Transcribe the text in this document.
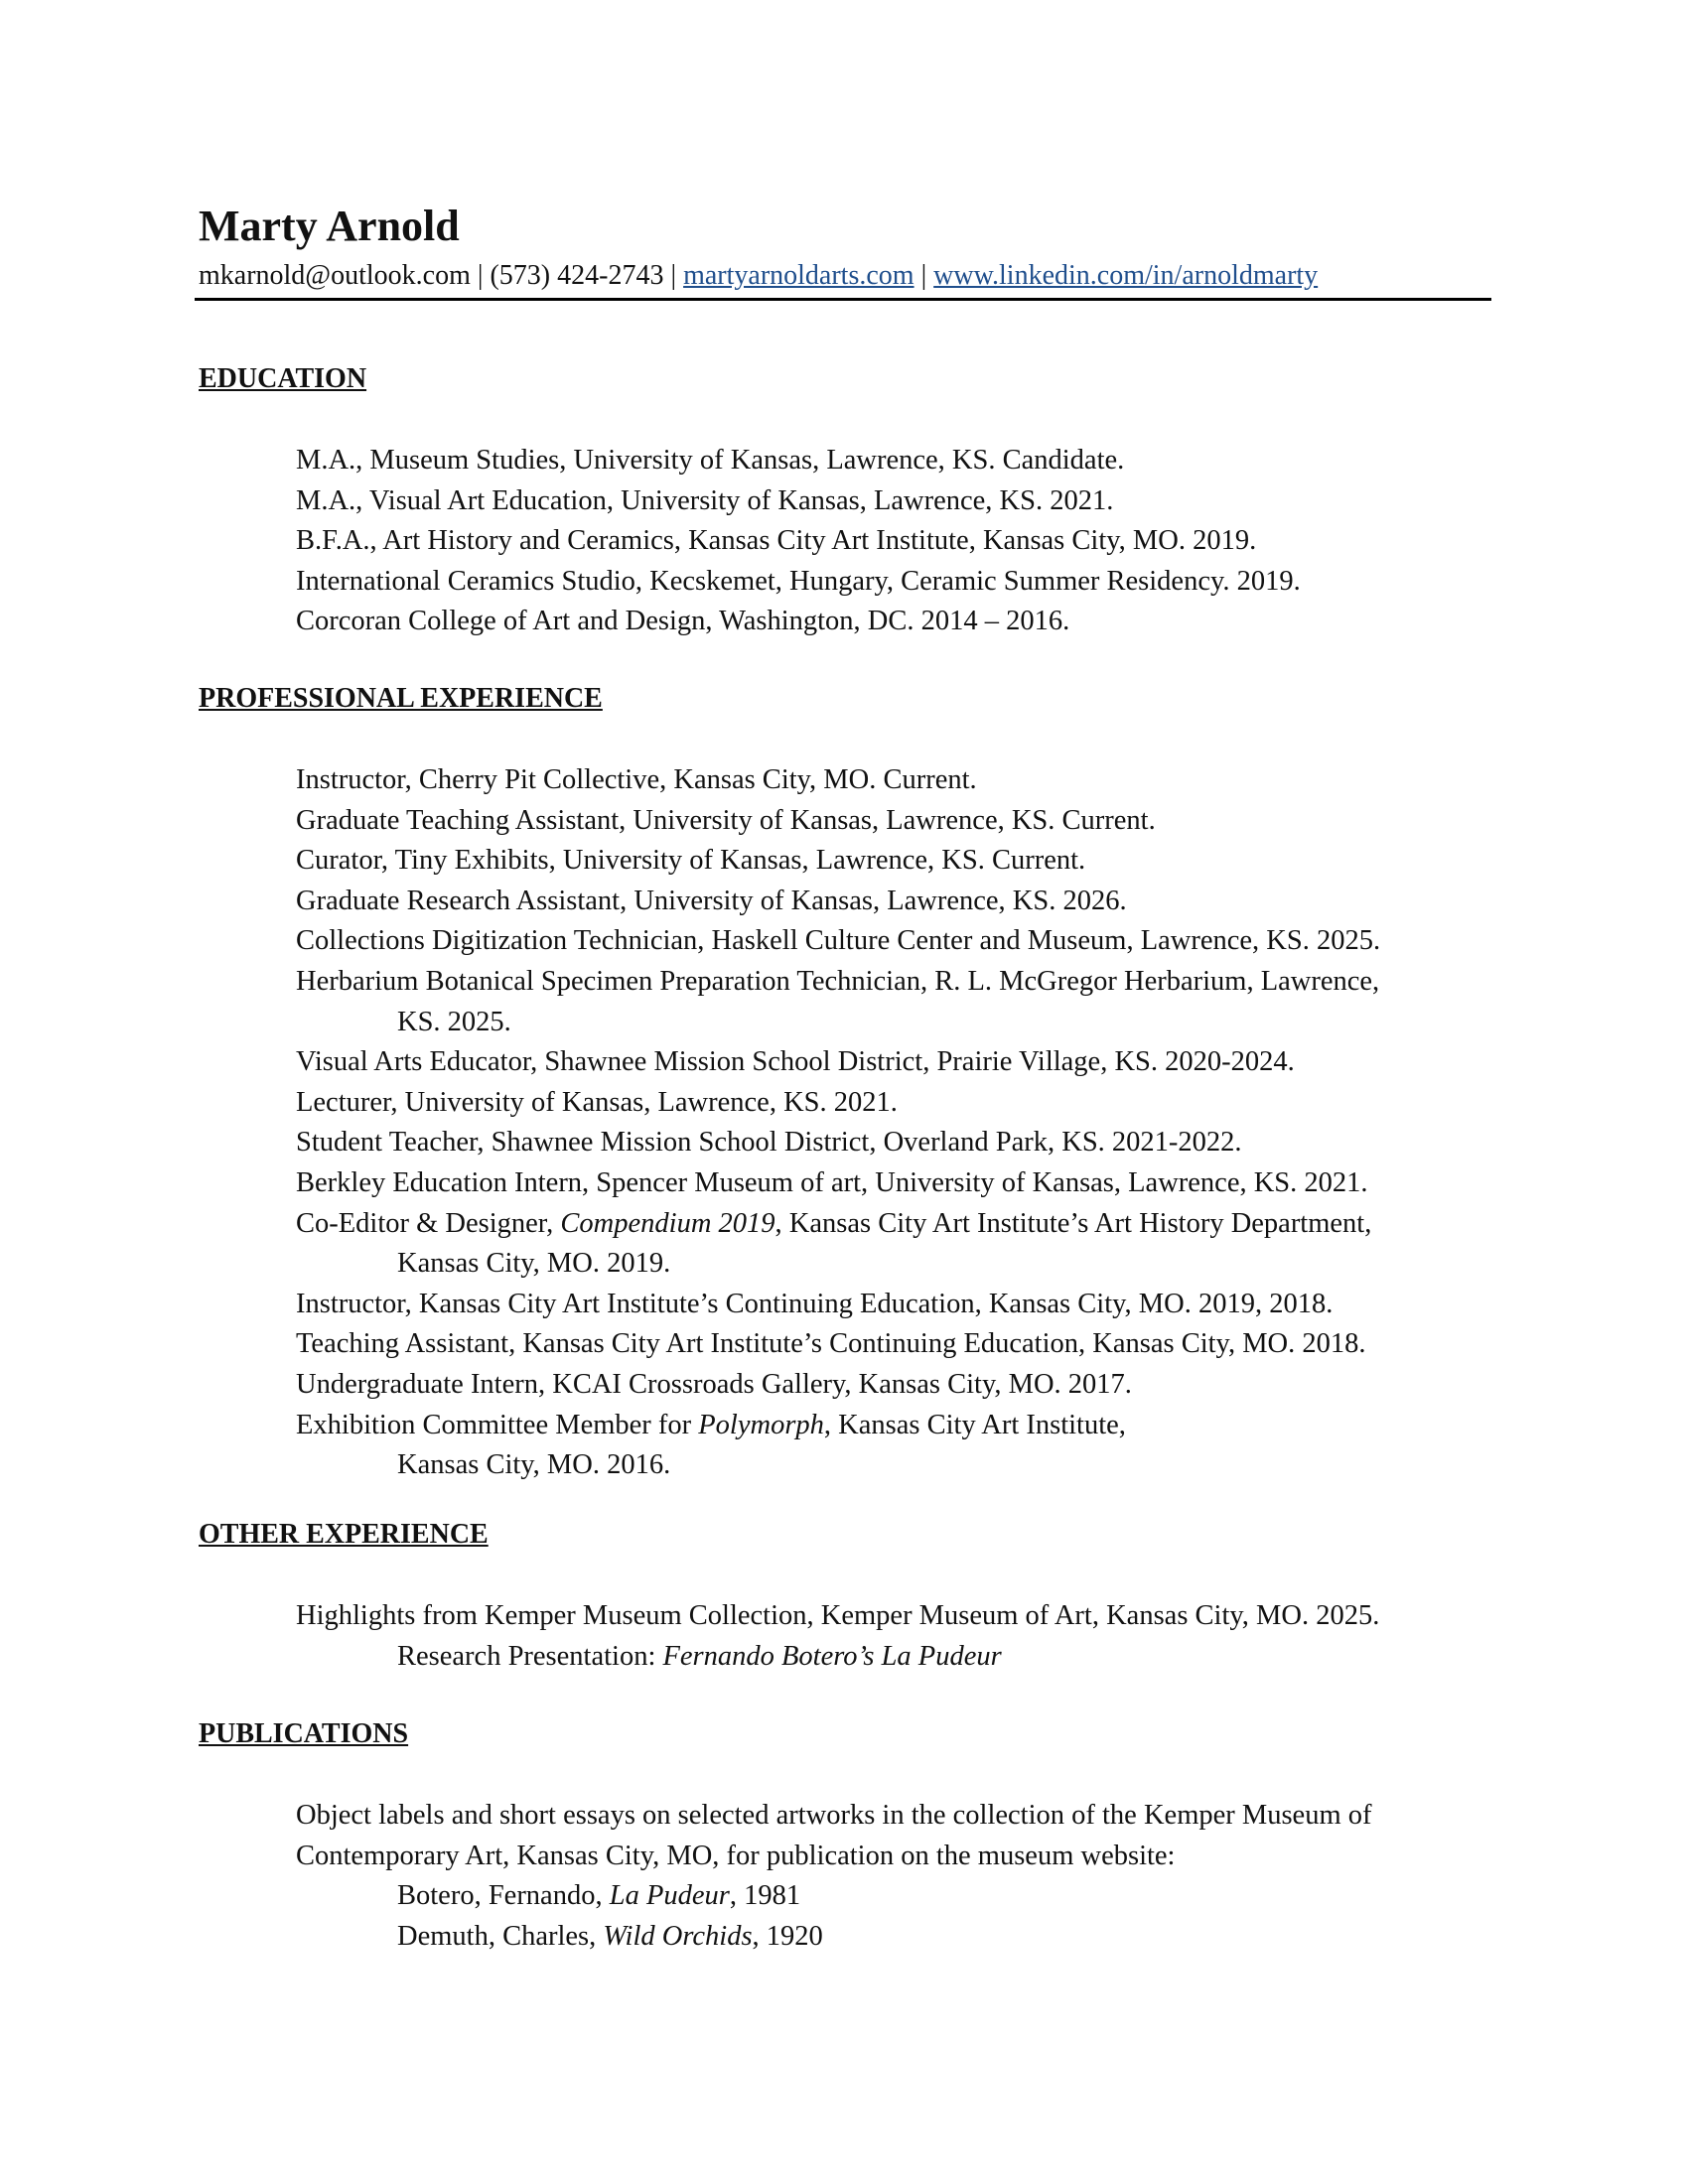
Marty Arnold
mkarnold@outlook.com | (573) 424-2743 | martyarnoldarts.com | www.linkedin.com/in/arnoldmarty
EDUCATION
M.A., Museum Studies, University of Kansas, Lawrence, KS. Candidate.
M.A., Visual Art Education, University of Kansas, Lawrence, KS. 2021.
B.F.A., Art History and Ceramics, Kansas City Art Institute, Kansas City, MO. 2019.
International Ceramics Studio, Kecskemet, Hungary, Ceramic Summer Residency. 2019.
Corcoran College of Art and Design, Washington, DC. 2014 – 2016.
PROFESSIONAL EXPERIENCE
Instructor, Cherry Pit Collective, Kansas City, MO. Current.
Graduate Teaching Assistant, University of Kansas, Lawrence, KS. Current.
Curator, Tiny Exhibits, University of Kansas, Lawrence, KS. Current.
Graduate Research Assistant, University of Kansas, Lawrence, KS. 2026.
Collections Digitization Technician, Haskell Culture Center and Museum, Lawrence, KS. 2025.
Herbarium Botanical Specimen Preparation Technician, R. L. McGregor Herbarium, Lawrence,
KS. 2025.
Visual Arts Educator, Shawnee Mission School District, Prairie Village, KS. 2020-2024.
Lecturer, University of Kansas, Lawrence, KS. 2021.
Student Teacher, Shawnee Mission School District, Overland Park, KS. 2021-2022.
Berkley Education Intern, Spencer Museum of art, University of Kansas, Lawrence, KS. 2021.
Co-Editor & Designer, Compendium 2019, Kansas City Art Institute’s Art History Department,
Kansas City, MO. 2019.
Instructor, Kansas City Art Institute’s Continuing Education, Kansas City, MO. 2019, 2018.
Teaching Assistant, Kansas City Art Institute’s Continuing Education, Kansas City, MO. 2018.
Undergraduate Intern, KCAI Crossroads Gallery, Kansas City, MO. 2017.
Exhibition Committee Member for Polymorph, Kansas City Art Institute,
Kansas City, MO. 2016.
OTHER EXPERIENCE
Highlights from Kemper Museum Collection, Kemper Museum of Art, Kansas City, MO. 2025.
Research Presentation: Fernando Botero’s La Pudeur
PUBLICATIONS
Object labels and short essays on selected artworks in the collection of the Kemper Museum of
Contemporary Art, Kansas City, MO, for publication on the museum website:
Botero, Fernando, La Pudeur, 1981
Demuth, Charles, Wild Orchids, 1920
